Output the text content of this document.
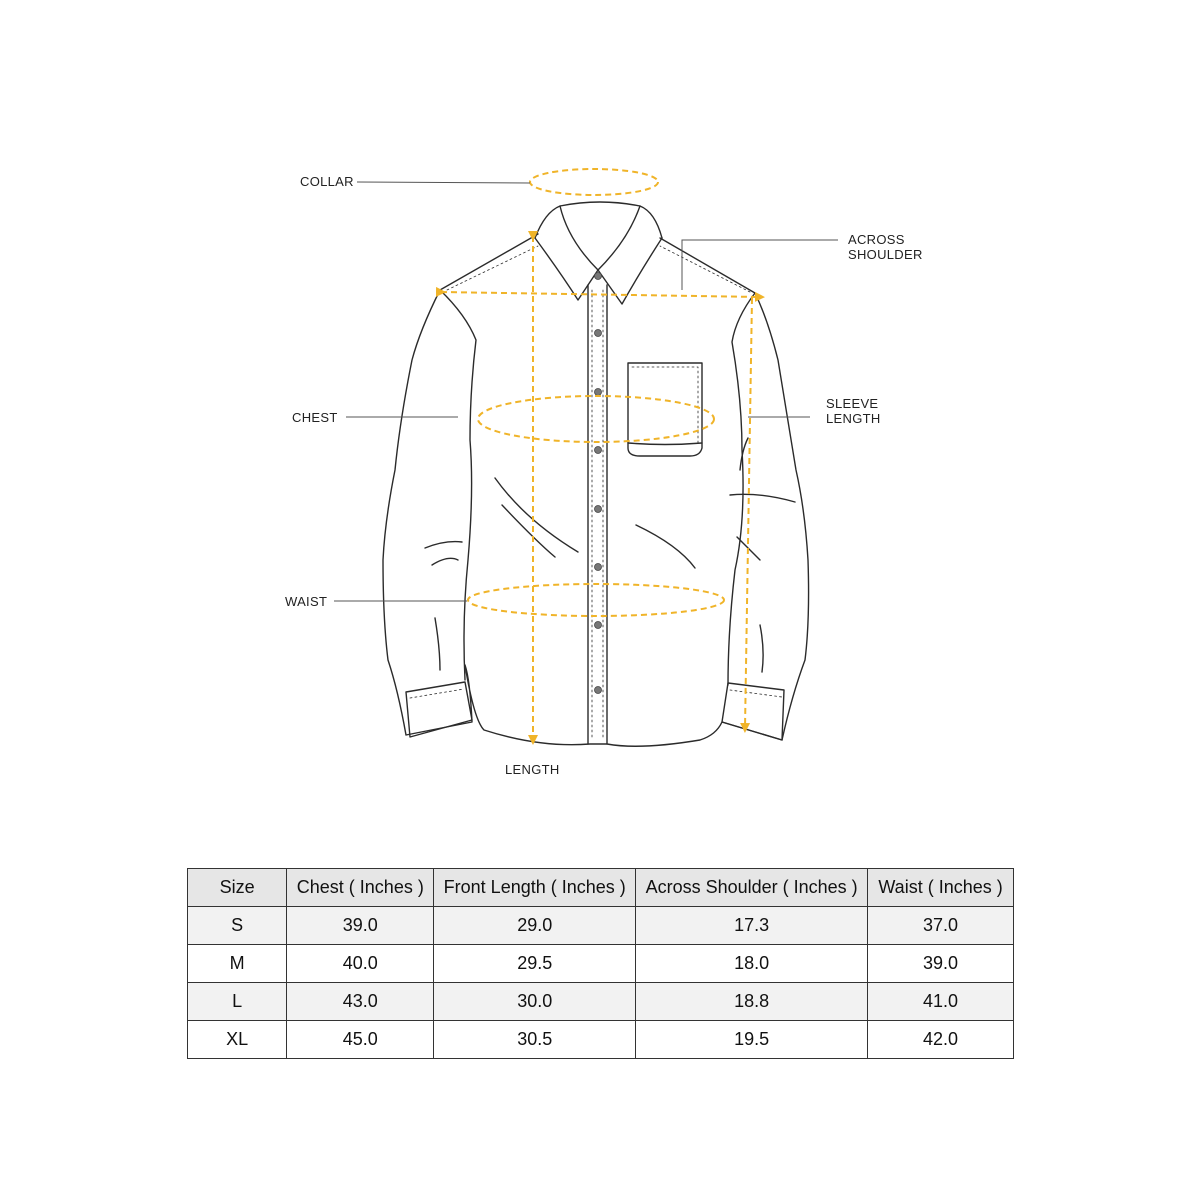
COLLAR
ACROSS
SHOULDER
CHEST
SLEEVE
LENGTH
WAIST
LENGTH
Size	Chest ( Inches )	Front Length ( Inches )	Across Shoulder ( Inches )	Waist ( Inches )
S	39.0	29.0	17.3	37.0
M	40.0	29.5	18.0	39.0
L	43.0	30.0	18.8	41.0
XL	45.0	30.5	19.5	42.0
